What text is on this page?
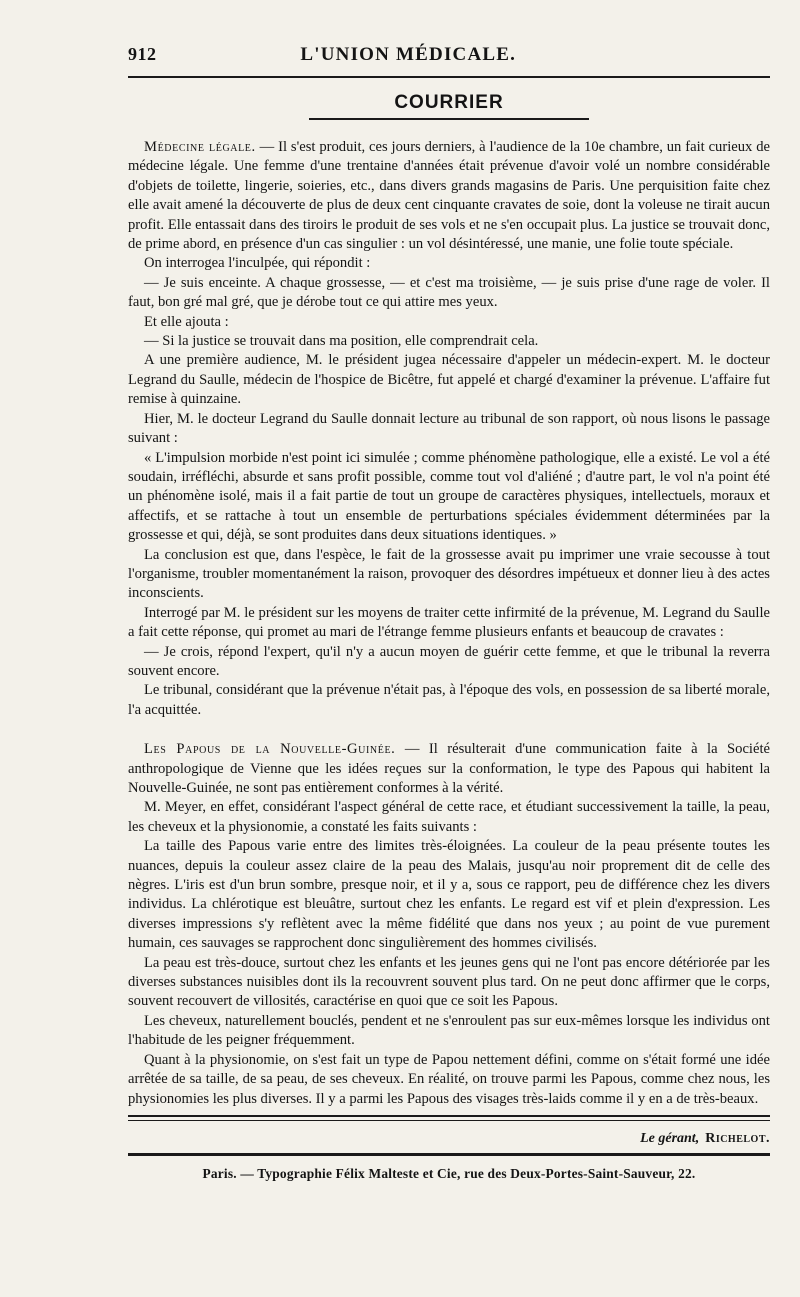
912	L'UNION MÉDICALE.
COURRIER

Médecine légale. — Il s'est produit, ces jours derniers, à l'audience de la 10e chambre, un fait curieux de médecine légale. Une femme d'une trentaine d'années était prévenue d'avoir volé un nombre considérable d'objets de toilette, lingerie, soieries, etc., dans divers grands magasins de Paris. Une perquisition faite chez elle avait amené la découverte de plus de deux cent cinquante cravates de soie, dont la voleuse ne tirait aucun profit. Elle entassait dans des tiroirs le produit de ses vols et ne s'en occupait plus. La justice se trouvait donc, de prime abord, en présence d'un cas singulier : un vol désintéressé, une manie, une folie toute spéciale.

On interrogea l'inculpée, qui répondit :

— Je suis enceinte. A chaque grossesse, — et c'est ma troisième, — je suis prise d'une rage de voler. Il faut, bon gré mal gré, que je dérobe tout ce qui attire mes yeux.

Et elle ajouta :

— Si la justice se trouvait dans ma position, elle comprendrait cela.

A une première audience, M. le président jugea nécessaire d'appeler un médecin-expert. M. le docteur Legrand du Saulle, médecin de l'hospice de Bicêtre, fut appelé et chargé d'examiner la prévenue. L'affaire fut remise à quinzaine.

Hier, M. le docteur Legrand du Saulle donnait lecture au tribunal de son rapport, où nous lisons le passage suivant :

« L'impulsion morbide n'est point ici simulée ; comme phénomène pathologique, elle a existé. Le vol a été soudain, irréfléchi, absurde et sans profit possible, comme tout vol d'aliéné ; d'autre part, le vol n'a point été un phénomène isolé, mais il a fait partie de tout un groupe de caractères physiques, intellectuels, moraux et affectifs, et se rattache à tout un ensemble de perturbations spéciales évidemment déterminées par la grossesse et qui, déjà, se sont produites dans deux situations identiques. »

La conclusion est que, dans l'espèce, le fait de la grossesse avait pu imprimer une vraie secousse à tout l'organisme, troubler momentanément la raison, provoquer des désordres impétueux et donner lieu à des actes inconscients.

Interrogé par M. le président sur les moyens de traiter cette infirmité de la prévenue, M. Legrand du Saulle a fait cette réponse, qui promet au mari de l'étrange femme plusieurs enfants et beaucoup de cravates :

— Je crois, répond l'expert, qu'il n'y a aucun moyen de guérir cette femme, et que le tribunal la reverra souvent encore.

Le tribunal, considérant que la prévenue n'était pas, à l'époque des vols, en possession de sa liberté morale, l'a acquittée.

Les Papous de la Nouvelle-Guinée. — Il résulterait d'une communication faite à la Société anthropologique de Vienne que les idées reçues sur la conformation, le type des Papous qui habitent la Nouvelle-Guinée, ne sont pas entièrement conformes à la vérité.

M. Meyer, en effet, considérant l'aspect général de cette race, et étudiant successivement la taille, la peau, les cheveux et la physionomie, a constaté les faits suivants :

La taille des Papous varie entre des limites très-éloignées. La couleur de la peau présente toutes les nuances, depuis la couleur assez claire de la peau des Malais, jusqu'au noir proprement dit de celle des nègres. L'iris est d'un brun sombre, presque noir, et il y a, sous ce rapport, peu de différence chez les divers individus. La chlérotique est bleuâtre, surtout chez les enfants. Le regard est vif et plein d'expression. Les diverses impressions s'y reflètent avec la même fidélité que dans nos yeux ; au point de vue purement humain, ces sauvages se rapprochent donc singulièrement des hommes civilisés.

La peau est très-douce, surtout chez les enfants et les jeunes gens qui ne l'ont pas encore détériorée par les diverses substances nuisibles dont ils la recouvrent souvent plus tard. On ne peut donc affirmer que le corps, souvent recouvert de villosités, caractérise en quoi que ce soit les Papous.

Les cheveux, naturellement bouclés, pendent et ne s'enroulent pas sur eux-mêmes lorsque les individus ont l'habitude de les peigner fréquemment.

Quant à la physionomie, on s'est fait un type de Papou nettement défini, comme on s'était formé une idée arrêtée de sa taille, de sa peau, de ses cheveux. En réalité, on trouve parmi les Papous, comme chez nous, les physionomies les plus diverses. Il y a parmi les Papous des visages très-laids comme il y en a de très-beaux.

Le gérant, Richelot.
Paris. — Typographie Félix Malteste et Cie, rue des Deux-Portes-Saint-Sauveur, 22.
